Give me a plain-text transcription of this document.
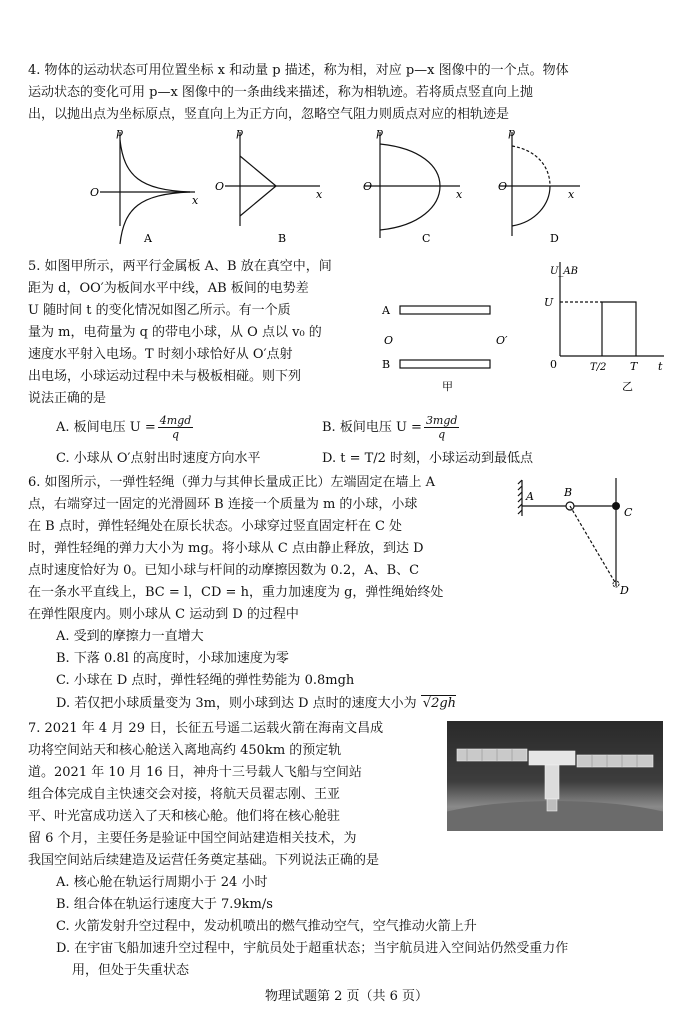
4. 物体的运动状态可用位置坐标 x 和动量 p 描述，称为相，对应 p—x 图像中的一个点。物体
运动状态的变化可用 p—x 图像中的一条曲线来描述，称为相轨迹。若将质点竖直向上抛
出，以抛出点为坐标原点，竖直向上为正方向，忽略空气阻力则质点对应的相轨迹是
p
x
O
A
p
x
O
B
p
x
O
C
p
x
O
D
5. 如图甲所示，两平行金属板 A、B 放在真空中，间
距为 d，OO′为板间水平中线，AB 板间的电势差
U 随时间 t 的变化情况如图乙所示。有一个质
量为 m，电荷量为 q 的带电小球，从 O 点以 v₀ 的
速度水平射入电场。T 时刻小球恰好从 O′点射
出电场，小球运动过程中未与极板相碰。则下列
说法正确的是
A
B
O	O′
甲
U_AB
U
0	T/2 T t
乙
A. 板间电压 $U = \frac{\text{4mgd}}{q}$	B. 板间电压 $U = \frac{\text{3mgd}}{q}$
C. 小球从 O′点射出时速度方向水平	D. t = T/2 时刻，小球运动到最低点
6. 如图所示，一弹性轻绳（弹力与其伸长量成正比）左端固定在墙上 A
点，右端穿过一固定的光滑圆环 B 连接一个质量为 m 的小球，小球
在 B 点时，弹性轻绳处在原长状态。小球穿过竖直固定杆在 C 处
时，弹性轻绳的弹力大小为 mg。将小球从 C 点由静止释放，到达 D
点时速度恰好为 0。已知小球与杆间的动摩擦因数为 0.2，A、B、C
在一条水平直线上，BC = l，CD = h，重力加速度为 g，弹性绳始终处
在弹性限度内。则小球从 C 运动到 D 的过程中
A	B
C
D
A. 受到的摩擦力一直增大
B. 下落 0.8l 的高度时，小球加速度为零
C. 小球在 D 点时，弹性轻绳的弹性势能为 0.8mgh
D. 若仅把小球质量变为 3m，则小球到达 D 点时的速度大小为 √2gh
7. 2021 年 4 月 29 日，长征五号遥二运载火箭在海南文昌成
功将空间站天和核心舱送入离地高约 450km 的预定轨
道。2021 年 10 月 16 日，神舟十三号载人飞船与空间站
组合体完成自主快速交会对接，将航天员翟志刚、王亚
平、叶光富成功送入了天和核心舱。他们将在核心舱驻
留 6 个月，主要任务是验证中国空间站建造相关技术，为
我国空间站后续建造及运营任务奠定基础。下列说法正确的是
A. 核心舱在轨运行周期小于 24 小时
B. 组合体在轨运行速度大于 7.9km/s
C. 火箭发射升空过程中，发动机喷出的燃气推动空气，空气推动火箭上升
D. 在宇宙飞船加速升空过程中，宇航员处于超重状态；当宇航员进入空间站仍然受重力作
用，但处于失重状态
物理试题第 2 页（共 6 页）
